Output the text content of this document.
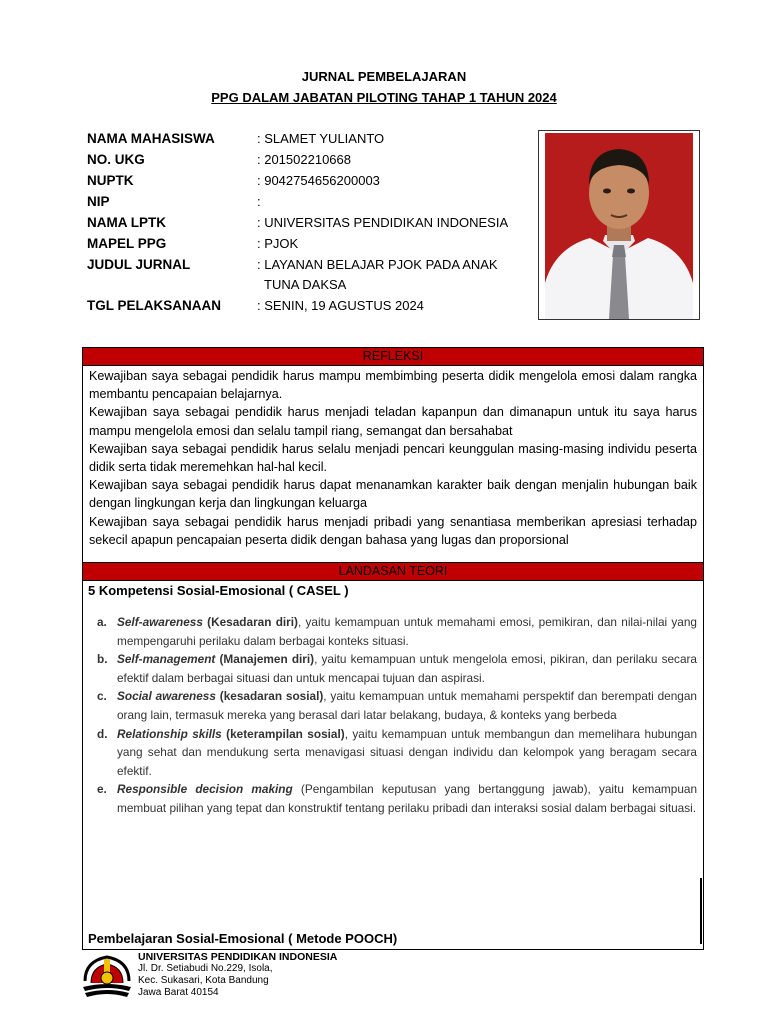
JURNAL PEMBELAJARAN
PPG DALAM JABATAN PILOTING TAHAP 1 TAHUN 2024
NAMA MAHASISWA	: SLAMET YULIANTO
NO. UKG	: 201502210668
NUPTK	: 9042754656200003
NIP	:
NAMA LPTK	: UNIVERSITAS PENDIDIKAN INDONESIA
MAPEL PPG	: PJOK
JUDUL JURNAL	: LAYANAN BELAJAR PJOK PADA ANAK
TUNA DAKSA
TGL PELAKSANAAN	: SENIN, 19 AGUSTUS 2024
REFLEKSI

Kewajiban saya sebagai pendidik harus mampu membimbing peserta didik mengelola emosi dalam rangka membantu pencapaian belajarnya.

Kewajiban saya sebagai pendidik harus menjadi teladan kapanpun dan dimanapun untuk itu saya harus mampu mengelola emosi dan selalu tampil riang, semangat dan bersahabat

Kewajiban saya sebagai pendidik harus selalu menjadi pencari keunggulan masing-masing individu peserta didik serta tidak meremehkan hal-hal kecil.

Kewajiban saya sebagai pendidik harus dapat menanamkan karakter baik dengan menjalin hubungan baik dengan lingkungan kerja dan lingkungan keluarga

Kewajiban saya sebagai pendidik harus menjadi pribadi yang senantiasa memberikan apresiasi terhadap sekecil apapun pencapaian peserta didik dengan bahasa yang lugas dan proporsional

LANDASAN TEORI
5 Kompetensi Sosial-Emosional ( CASEL )
a. Self-awareness (Kesadaran diri), yaitu kemampuan untuk memahami emosi, pemikiran, dan nilai-nilai yang mempengaruhi perilaku dalam berbagai konteks situasi.
b. Self-management (Manajemen diri), yaitu kemampuan untuk mengelola emosi, pikiran, dan perilaku secara efektif dalam berbagai situasi dan untuk mencapai tujuan dan aspirasi.
c. Social awareness (kesadaran sosial), yaitu kemampuan untuk memahami perspektif dan berempati dengan orang lain, termasuk mereka yang berasal dari latar belakang, budaya, & konteks yang berbeda
d. Relationship skills (keterampilan sosial), yaitu kemampuan untuk membangun dan memelihara hubungan yang sehat dan mendukung serta menavigasi situasi dengan individu dan kelompok yang beragam secara efektif.
e. Responsible decision making (Pengambilan keputusan yang bertanggung jawab), yaitu kemampuan membuat pilihan yang tepat dan konstruktif tentang perilaku pribadi dan interaksi sosial dalam berbagai situasi.
Pembelajaran Sosial-Emosional ( Metode POOCH)
UNIVERSITAS PENDIDIKAN INDONESIA
Jl. Dr. Setiabudi No.229, Isola,
Kec. Sukasari, Kota Bandung
Jawa Barat 40154
